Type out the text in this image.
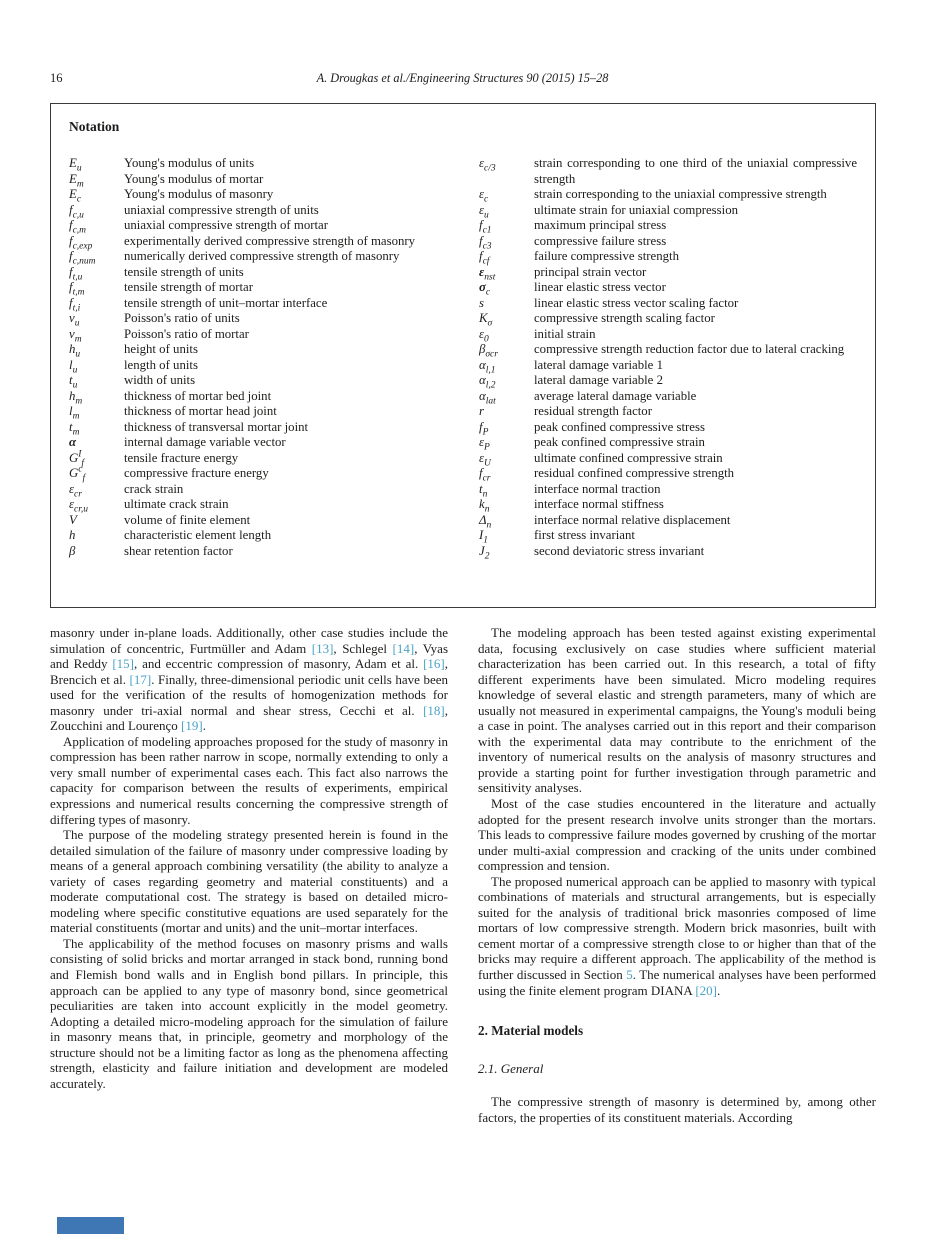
16	A. Drougkas et al./Engineering Structures 90 (2015) 15–28
Notation
$E_u$	Young's modulus of units
$E_m$	Young's modulus of mortar
$E_c$	Young's modulus of masonry
$f_{c,u}$	uniaxial compressive strength of units
$f_{c,m}$	uniaxial compressive strength of mortar
$f_{c,exp}$	experimentally derived compressive strength of masonry
$f_{c,num}$	numerically derived compressive strength of masonry
$f_{t,u}$	tensile strength of units
$f_{t,m}$	tensile strength of mortar
$f_{t,i}$	tensile strength of unit–mortar interface
$\nu_u$	Poisson's ratio of units
$\nu_m$	Poisson's ratio of mortar
$h_u$	height of units
$l_u$	length of units
$t_u$	width of units
$h_m$	thickness of mortar bed joint
$l_m$	thickness of mortar head joint
$t_m$	thickness of transversal mortar joint
α	internal damage variable vector
$G^I_f$	tensile fracture energy
$G^c_f$	compressive fracture energy
$\varepsilon_{cr}$	crack strain
$\varepsilon_{cr,u}$	ultimate crack strain
V	volume of finite element
h	characteristic element length
β	shear retention factor
$\varepsilon_{c/3}$	strain corresponding to one third of the uniaxial compressive strength
$\varepsilon_c$	strain corresponding to the uniaxial compressive strength
$\varepsilon_u$	ultimate strain for uniaxial compression
$f_{c1}$	maximum principal stress
$f_{c3}$	compressive failure stress
$f_{cf}$	failure compressive strength
$\varepsilon_{nst}$	principal strain vector
$\sigma_c$	linear elastic stress vector
s	linear elastic stress vector scaling factor
$K_\sigma$	compressive strength scaling factor
$\varepsilon_0$	initial strain
$\beta_{\sigma cr}$	compressive strength reduction factor due to lateral cracking
$\alpha_{l,1}$	lateral damage variable 1
$\alpha_{l,2}$	lateral damage variable 2
$\alpha_{lat}$	average lateral damage variable
r	residual strength factor
$f_P$	peak confined compressive stress
$\varepsilon_P$	peak confined compressive strain
$\varepsilon_U$	ultimate confined compressive strain
$f_{cr}$	residual confined compressive strength
$t_n$	interface normal traction
$k_n$	interface normal stiffness
$\Delta_n$	interface normal relative displacement
$I_1$	first stress invariant
$J_2$	second deviatoric stress invariant

masonry under in-plane loads. Additionally, other case studies include the simulation of concentric, Furtmüller and Adam [13], Schlegel [14], Vyas and Reddy [15], and eccentric compression of masonry, Adam et al. [16], Brencich et al. [17]. Finally, three-dimensional periodic unit cells have been used for the verification of the results of homogenization methods for masonry under tri-axial normal and shear stress, Cecchi et al. [18], Zoucchini and Lourenço [19].

Application of modeling approaches proposed for the study of masonry in compression has been rather narrow in scope, normally extending to only a very small number of experimental cases each. This fact also narrows the capacity for comparison between the results of experiments, empirical expressions and numerical results concerning the compressive strength of differing types of masonry.

The purpose of the modeling strategy presented herein is found in the detailed simulation of the failure of masonry under compressive loading by means of a general approach combining versatility (the ability to analyze a variety of cases regarding geometry and material constituents) and a moderate computational cost. The strategy is based on detailed micro-modeling where specific constitutive equations are used separately for the material constituents (mortar and units) and the unit–mortar interfaces.

The applicability of the method focuses on masonry prisms and walls consisting of solid bricks and mortar arranged in stack bond, running bond and Flemish bond walls and in English bond pillars. In principle, this approach can be applied to any type of masonry bond, since geometrical peculiarities are taken into account explicitly in the model geometry. Adopting a detailed micro-modeling approach for the simulation of failure in masonry means that, in principle, geometry and morphology of the structure should not be a limiting factor as long as the phenomena affecting strength, elasticity and failure initiation and development are modeled accurately.

The modeling approach has been tested against existing experimental data, focusing exclusively on case studies where sufficient material characterization has been carried out. In this research, a total of fifty different experiments have been simulated. Micro modeling requires knowledge of several elastic and strength parameters, many of which are usually not measured in experimental campaigns, the Young's moduli being a case in point. The analyses carried out in this report and their comparison with the experimental data may contribute to the enrichment of the inventory of numerical results on the analysis of masonry structures and provide a starting point for further investigation through parametric and sensitivity analyses.

Most of the case studies encountered in the literature and actually adopted for the present research involve units stronger than the mortars. This leads to compressive failure modes governed by crushing of the mortar under multi-axial compression and cracking of the units under combined compression and tension.

The proposed numerical approach can be applied to masonry with typical combinations of materials and structural arrangements, but is especially suited for the analysis of traditional brick masonries composed of lime mortars of low compressive strength. Modern brick masonries, built with cement mortar of a compressive strength close to or higher than that of the bricks may require a different approach. The applicability of the method is further discussed in Section 5. The numerical analyses have been performed using the finite element program DIANA [20].

2. Material models
2.1. General

The compressive strength of masonry is determined by, among other factors, the properties of its constituent materials. According
